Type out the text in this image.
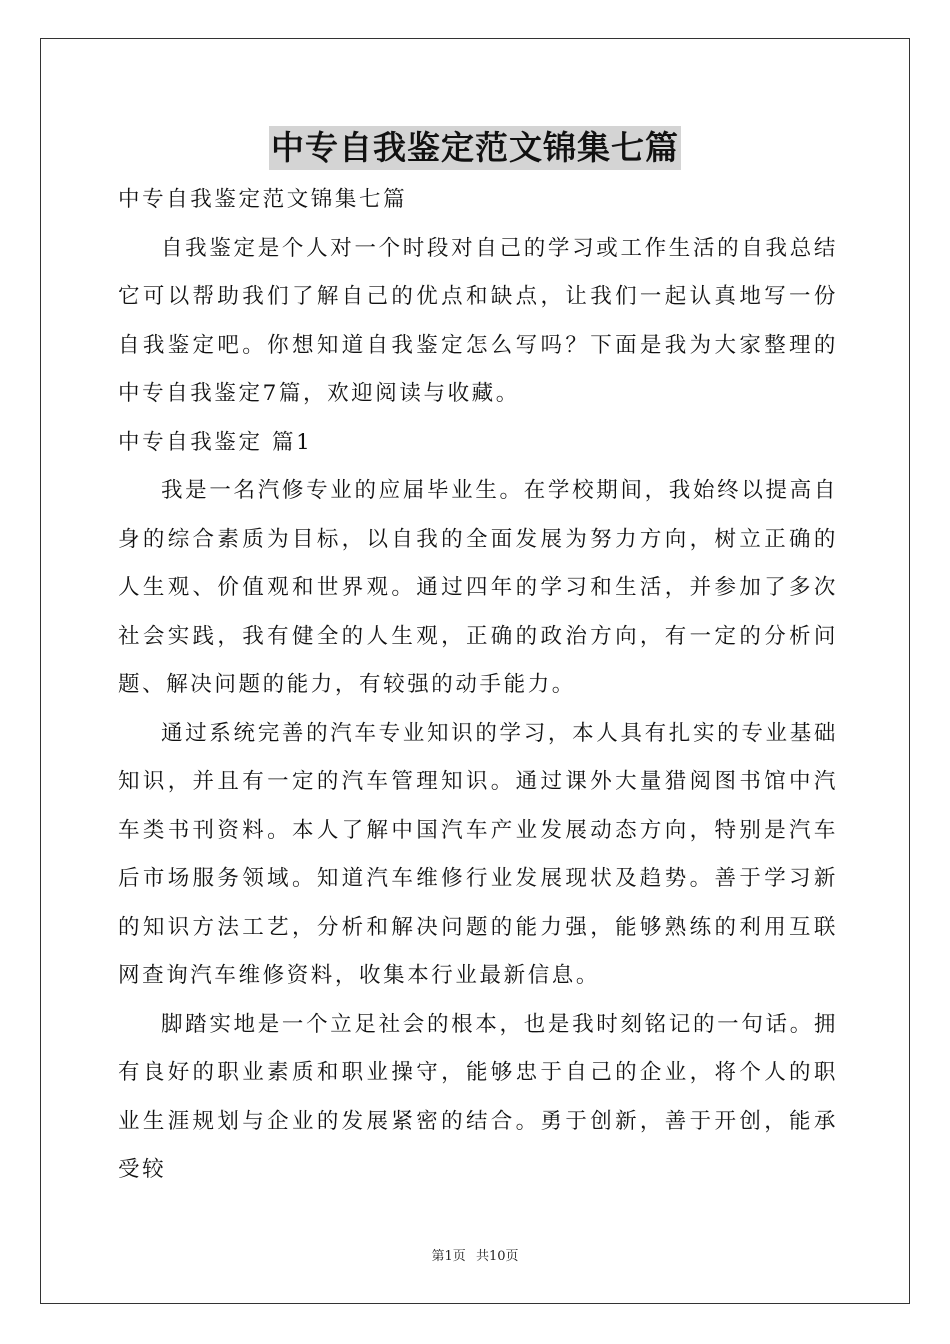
中专自我鉴定范文锦集七篇

中专自我鉴定范文锦集七篇

自我鉴定是个人对一个时段对自己的学习或工作生活的自我总结它可以帮助我们了解自己的优点和缺点，让我们一起认真地写一份自我鉴定吧。你想知道自我鉴定怎么写吗？下面是我为大家整理的中专自我鉴定7篇，欢迎阅读与收藏。

中专自我鉴定 篇1

我是一名汽修专业的应届毕业生。在学校期间，我始终以提高自身的综合素质为目标，以自我的全面发展为努力方向，树立正确的人生观、价值观和世界观。通过四年的学习和生活，并参加了多次社会实践，我有健全的人生观，正确的政治方向，有一定的分析问题、解决问题的能力，有较强的动手能力。

通过系统完善的汽车专业知识的学习，本人具有扎实的专业基础知识，并且有一定的汽车管理知识。通过课外大量猎阅图书馆中汽车类书刊资料。本人了解中国汽车产业发展动态方向，特别是汽车后市场服务领域。知道汽车维修行业发展现状及趋势。善于学习新的知识方法工艺，分析和解决问题的能力强，能够熟练的利用互联网查询汽车维修资料，收集本行业最新信息。

脚踏实地是一个立足社会的根本，也是我时刻铭记的一句话。拥有良好的职业素质和职业操守，能够忠于自己的企业，将个人的职业生涯规划与企业的发展紧密的结合。勇于创新，善于开创，能承受较

第1页 共10页
